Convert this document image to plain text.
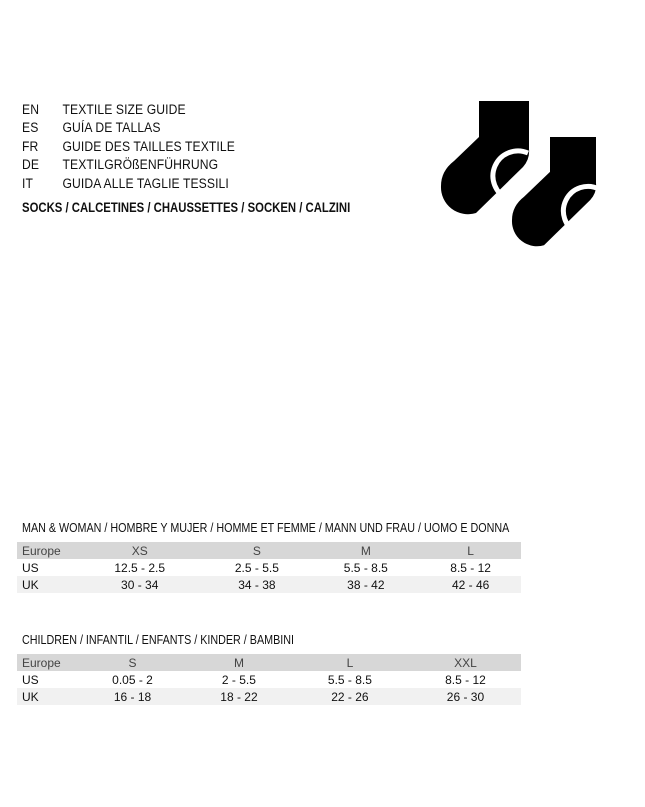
EN	TEXTILE SIZE GUIDE
ES	GUÍA DE TALLAS
FR	GUIDE DES TAILLES TEXTILE
DE	TEXTILGRÖßENFÜHRUNG
IT	GUIDA ALLE TAGLIE TESSILI
SOCKS / CALCETINES / CHAUSSETTES / SOCKEN / CALZINI
MAN & WOMAN / HOMBRE Y MUJER / HOMME ET FEMME / MANN UND FRAU / UOMO E DONNA
Europe	XS	S	M	L
US	12.5 - 2.5	2.5 - 5.5	5.5 - 8.5	8.5 - 12
UK	30 - 34	34 - 38	38 - 42	42 - 46
CHILDREN / INFANTIL / ENFANTS / KINDER / BAMBINI
Europe	S	M	L	XXL
US	0.05 - 2	2 - 5.5	5.5 - 8.5	8.5 - 12
UK	16 - 18	18 - 22	22 - 26	26 - 30
